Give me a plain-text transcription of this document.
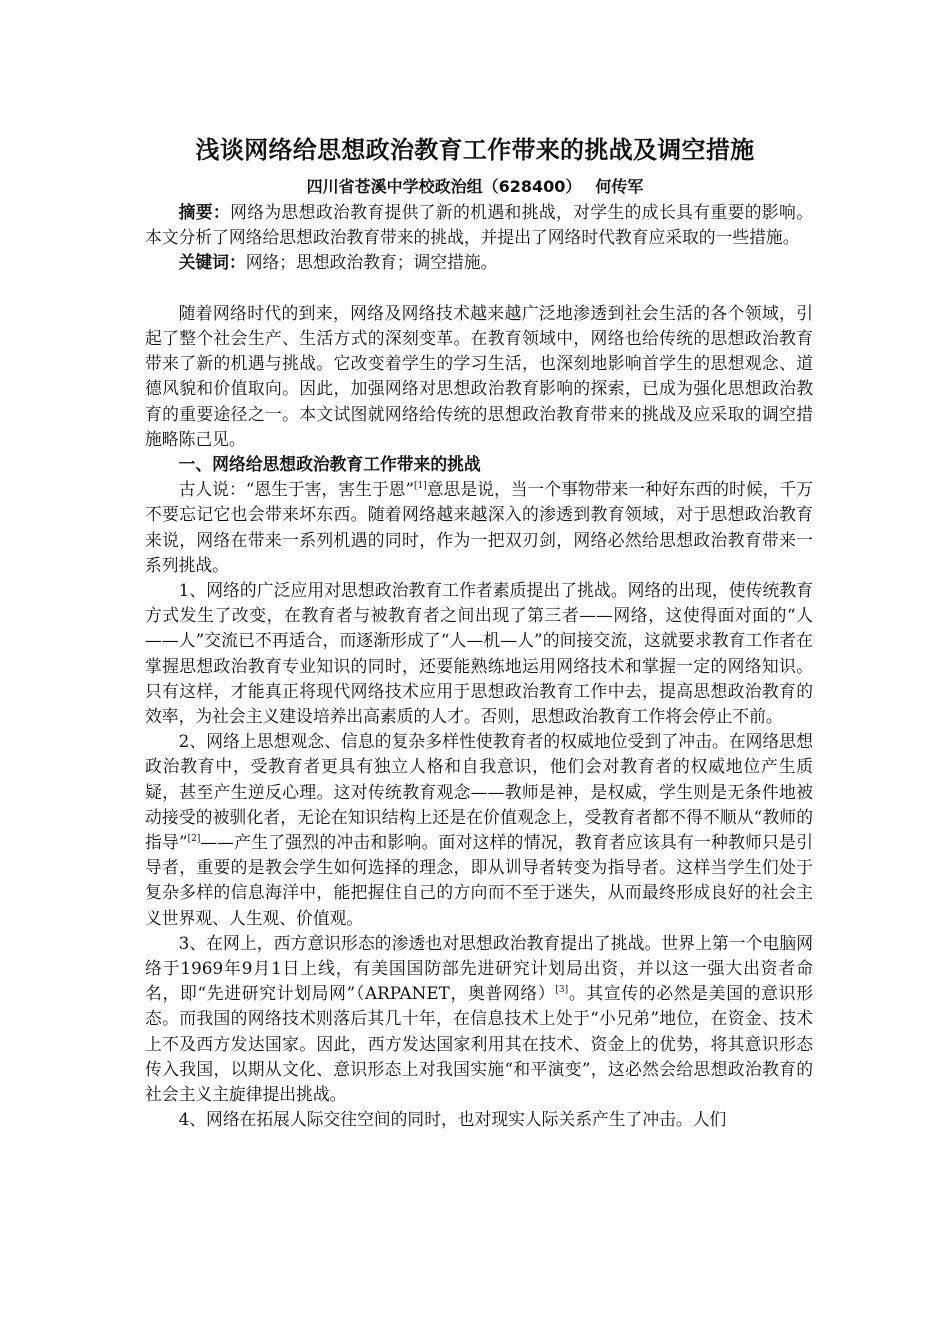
浅谈网络给思想政治教育工作带来的挑战及调空措施
四川省苍溪中学校政治组（628400） 何传军

摘要：网络为思想政治教育提供了新的机遇和挑战，对学生的成长具有重要的影响。本文分析了网络给思想政治教育带来的挑战，并提出了网络时代教育应采取的一些措施。

关键词：网络；思想政治教育；调空措施。

随着网络时代的到来，网络及网络技术越来越广泛地渗透到社会生活的各个领域，引起了整个社会生产、生活方式的深刻变革。在教育领域中，网络也给传统的思想政治教育带来了新的机遇与挑战。它改变着学生的学习生活，也深刻地影响首学生的思想观念、道德风貌和价值取向。因此，加强网络对思想政治教育影响的探索，已成为强化思想政治教育的重要途径之一。本文试图就网络给传统的思想政治教育带来的挑战及应采取的调空措施略陈己见。

一、网络给思想政治教育工作带来的挑战

古人说：“恩生于害，害生于恩”[1]意思是说，当一个事物带来一种好东西的时候，千万不要忘记它也会带来坏东西。随着网络越来越深入的渗透到教育领域，对于思想政治教育来说，网络在带来一系列机遇的同时，作为一把双刃剑，网络必然给思想政治教育带来一系列挑战。

1、网络的广泛应用对思想政治教育工作者素质提出了挑战。网络的出现，使传统教育方式发生了改变，在教育者与被教育者之间出现了第三者——网络，这使得面对面的“人——人”交流已不再适合，而逐渐形成了“人—机—人”的间接交流，这就要求教育工作者在掌握思想政治教育专业知识的同时，还要能熟练地运用网络技术和掌握一定的网络知识。只有这样，才能真正将现代网络技术应用于思想政治教育工作中去，提高思想政治教育的效率，为社会主义建设培养出高素质的人才。否则，思想政治教育工作将会停止不前。

2、网络上思想观念、信息的复杂多样性使教育者的权威地位受到了冲击。在网络思想政治教育中，受教育者更具有独立人格和自我意识，他们会对教育者的权威地位产生质疑，甚至产生逆反心理。这对传统教育观念——教师是神，是权威，学生则是无条件地被动接受的被驯化者，无论在知识结构上还是在价值观念上，受教育者都不得不顺从“教师的指导”[2]——产生了强烈的冲击和影响。面对这样的情况，教育者应该具有一种教师只是引导者，重要的是教会学生如何选择的理念，即从训导者转变为指导者。这样当学生们处于复杂多样的信息海洋中，能把握住自己的方向而不至于迷失，从而最终形成良好的社会主义世界观、人生观、价值观。

3、在网上，西方意识形态的渗透也对思想政治教育提出了挑战。世界上第一个电脑网络于1969年9月1日上线，有美国国防部先进研究计划局出资，并以这一强大出资者命名，即“先进研究计划局网”（ARPANET，奥普网络）[3]。其宣传的必然是美国的意识形态。而我国的网络技术则落后其几十年，在信息技术上处于“小兄弟”地位，在资金、技术上不及西方发达国家。因此，西方发达国家利用其在技术、资金上的优势，将其意识形态传入我国，以期从文化、意识形态上对我国实施“和平演变”，这必然会给思想政治教育的社会主义主旋律提出挑战。

4、网络在拓展人际交往空间的同时，也对现实人际关系产生了冲击。人们
